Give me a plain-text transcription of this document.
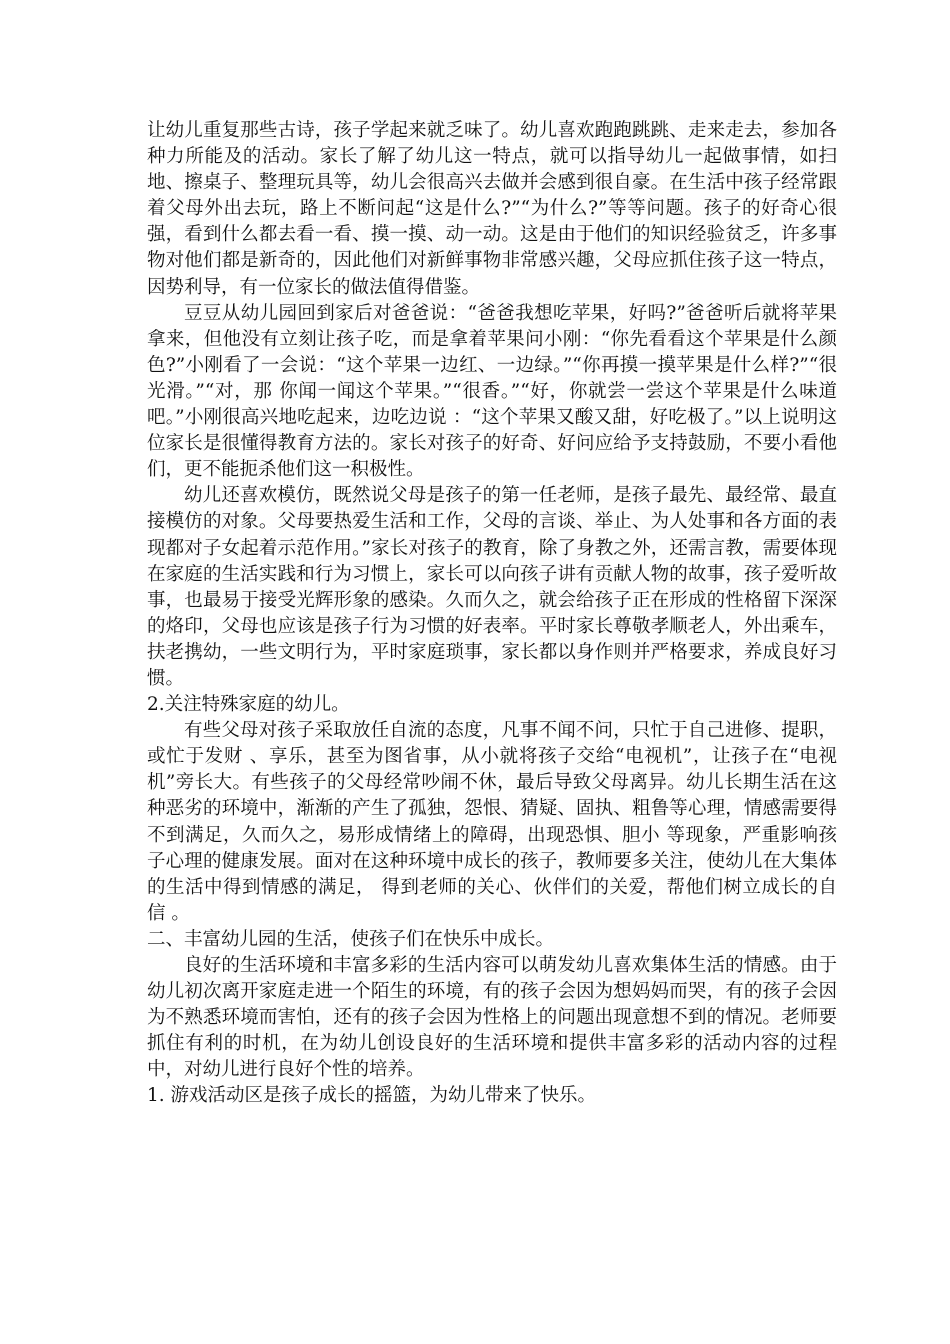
让幼儿重复那些古诗，孩子学起来就乏味了。幼儿喜欢跑跑跳跳、走来走去，参加各种力所能及的活动。家长了解了幼儿这一特点，就可以指导幼儿一起做事情，如扫地、擦桌子、整理玩具等，幼儿会很高兴去做并会感到很自豪。在生活中孩子经常跟着父母外出去玩，路上不断问起“这是什么?”“为什么?”等等问题。孩子的好奇心很强，看到什么都去看一看、摸一摸、动一动。这是由于他们的知识经验贫乏，许多事物对他们都是新奇的，因此他们对新鲜事物非常感兴趣，父母应抓住孩子这一特点，因势利导，有一位家长的做法值得借鉴。

豆豆从幼儿园回到家后对爸爸说：“爸爸我想吃苹果，好吗?”爸爸听后就将苹果拿来，但他没有立刻让孩子吃，而是拿着苹果问小刚：“你先看看这个苹果是什么颜色?”小刚看了一会说：“这个苹果一边红、一边绿。”“你再摸一摸苹果是什么样?”“很光滑。”“对，那 你闻一闻这个苹果。”“很香。”“好，你就尝一尝这个苹果是什么味道吧。”小刚很高兴地吃起来，边吃边说 ：“这个苹果又酸又甜，好吃极了。”以上说明这位家长是很懂得教育方法的。家长对孩子的好奇、好问应给予支持鼓励，不要小看他们，更不能扼杀他们这一积极性。

幼儿还喜欢模仿，既然说父母是孩子的第一任老师，是孩子最先、最经常、最直接模仿的对象。父母要热爱生活和工作，父母的言谈、举止、为人处事和各方面的表现都对子女起着示范作用。”家长对孩子的教育，除了身教之外，还需言教，需要体现在家庭的生活实践和行为习惯上，家长可以向孩子讲有贡献人物的故事，孩子爱听故事，也最易于接受光辉形象的感染。久而久之，就会给孩子正在形成的性格留下深深的烙印，父母也应该是孩子行为习惯的好表率。平时家长尊敬孝顺老人，外出乘车，扶老携幼，一些文明行为，平时家庭琐事，家长都以身作则并严格要求，养成良好习惯。

2.关注特殊家庭的幼儿。

有些父母对孩子采取放任自流的态度，凡事不闻不问，只忙于自己进修、提职，或忙于发财 、享乐，甚至为图省事，从小就将孩子交给“电视机”，让孩子在“电视机”旁长大。有些孩子的父母经常吵闹不休，最后导致父母离异。幼儿长期生活在这种恶劣的环境中，渐渐的产生了孤独，怨恨、猜疑、固执、粗鲁等心理，情感需要得不到满足，久而久之，易形成情绪上的障碍，出现恐惧、胆小 等现象，严重影响孩子心理的健康发展。面对在这种环境中成长的孩子，教师要多关注，使幼儿在大集体的生活中得到情感的满足， 得到老师的关心、伙伴们的关爱，帮他们树立成长的自信 。

二、丰富幼儿园的生活，使孩子们在快乐中成长。

良好的生活环境和丰富多彩的生活内容可以萌发幼儿喜欢集体生活的情感。由于幼儿初次离开家庭走进一个陌生的环境，有的孩子会因为想妈妈而哭，有的孩子会因为不熟悉环境而害怕，还有的孩子会因为性格上的问题出现意想不到的情况。老师要抓住有利的时机，在为幼儿创设良好的生活环境和提供丰富多彩的活动内容的过程中，对幼儿进行良好个性的培养。

1. 游戏活动区是孩子成长的摇篮，为幼儿带来了快乐。
